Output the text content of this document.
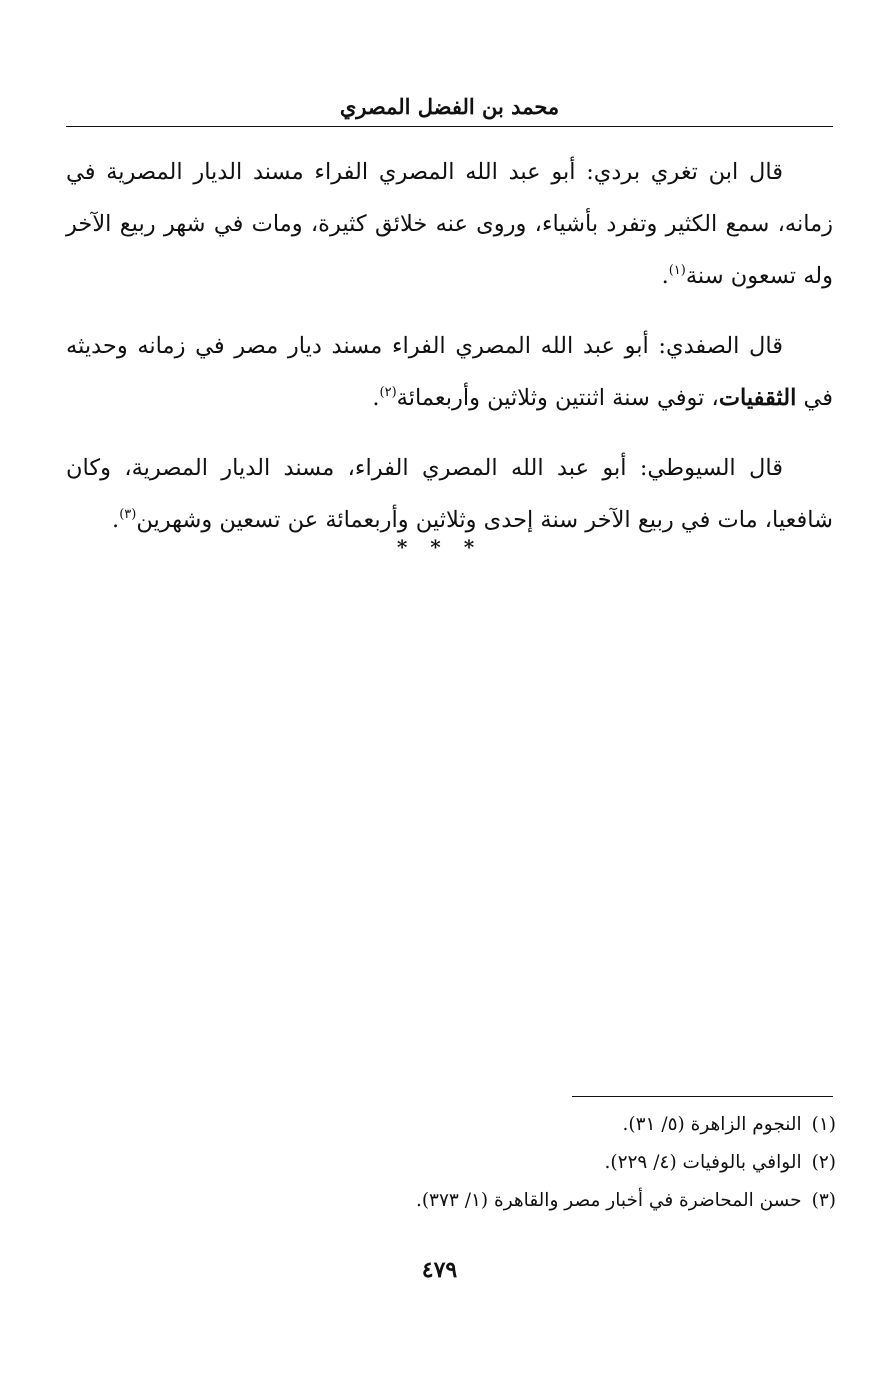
محمد بن الفضل المصري

قال ابن تغري بردي: أبو عبد الله المصري الفراء مسند الديار المصرية في زمانه، سمع الكثير وتفرد بأشياء، وروى عنه خلائق كثيرة، ومات في شهر ربيع الآخر وله تسعون سنة$^{(١)}$.

قال الصفدي: أبو عبد الله المصري الفراء مسند ديار مصر في زمانه وحديثه في الثقفيات، توفي سنة اثنتين وثلاثين وأربعمائة$^{(٢)}$.

قال السيوطي: أبو عبد الله المصري الفراء، مسند الديار المصرية، وكان شافعيا، مات في ربيع الآخر سنة إحدى وثلاثين وأربعمائة عن تسعين وشهرين$^{(٣)}$.

* * *
(١)النجوم الزاهرة (٥/ ٣١).
(٢)الوافي بالوفيات (٤/ ٢٢٩).
(٣)حسن المحاضرة في أخبار مصر والقاهرة (١/ ٣٧٣).
٤٧٩
